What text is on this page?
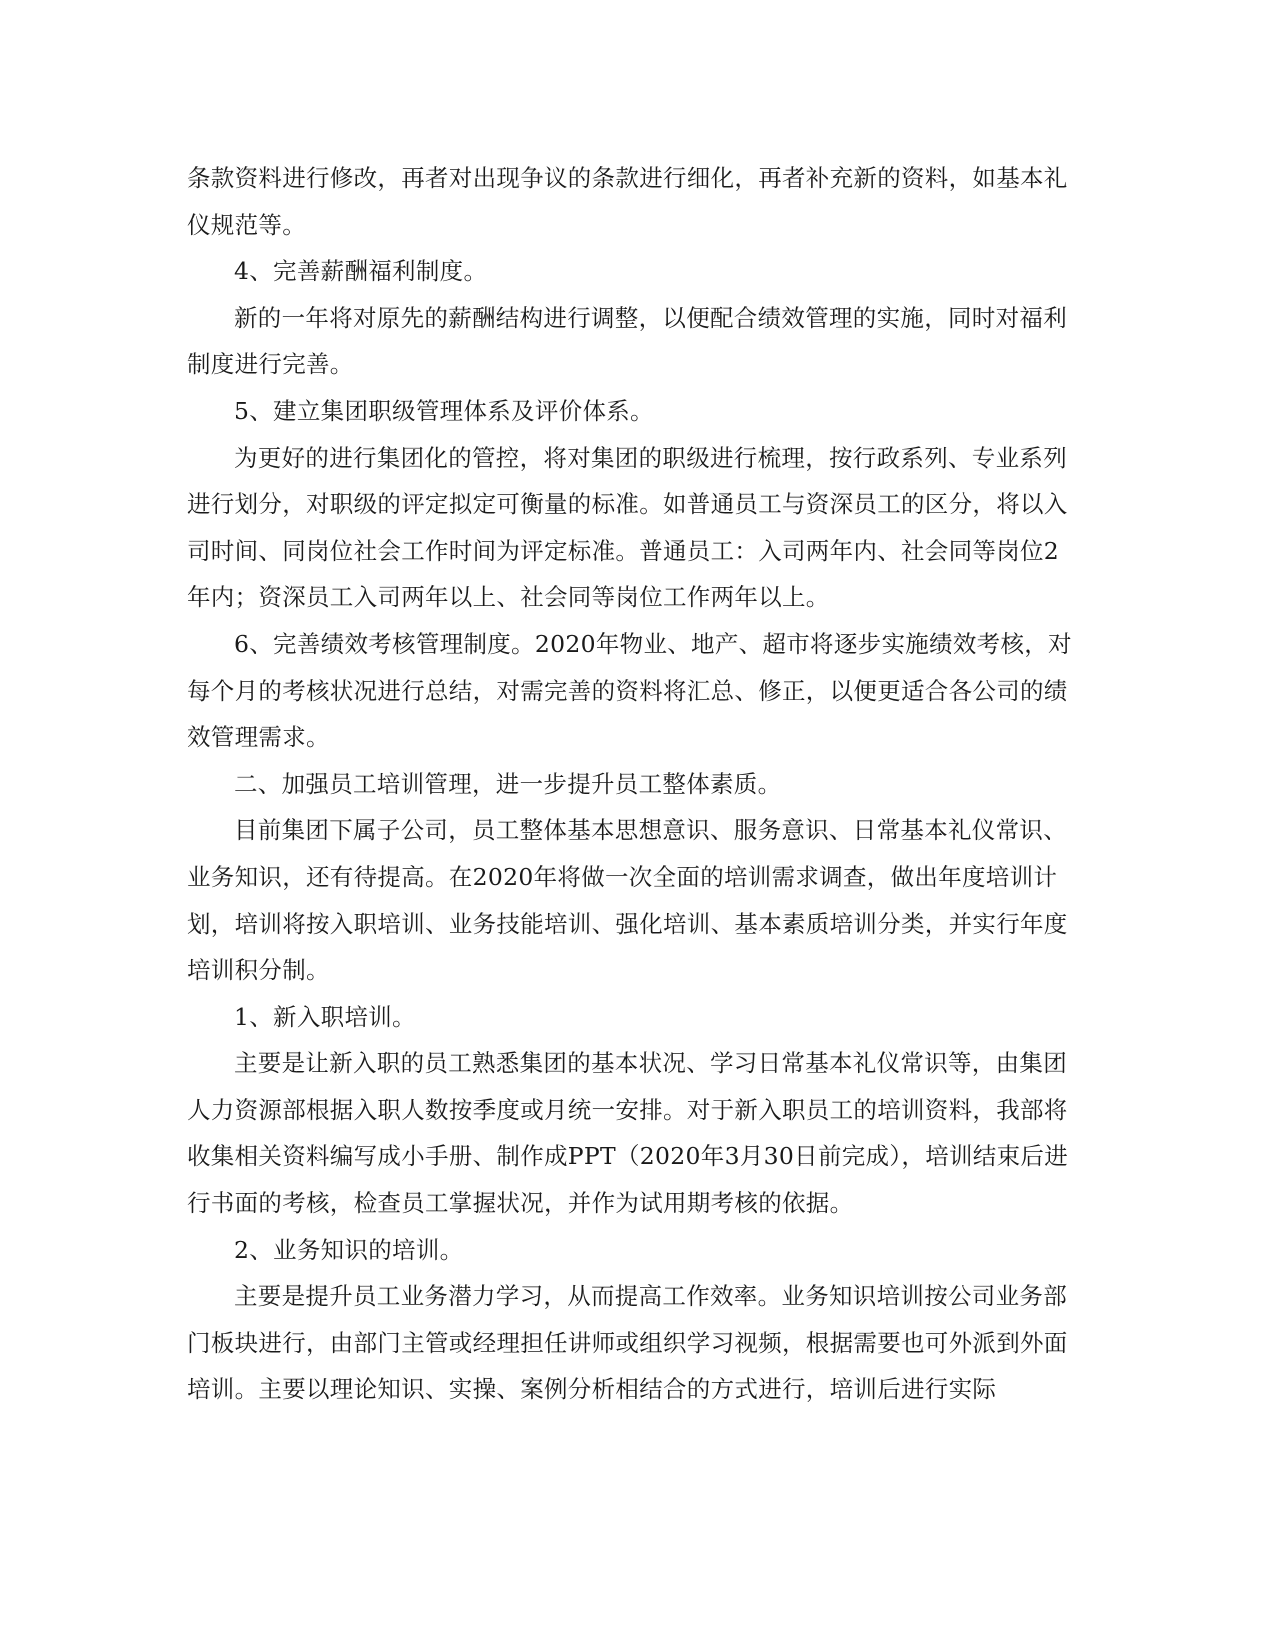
条款资料进行修改，再者对出现争议的条款进行细化，再者补充新的资料，如基本礼仪规范等。

4、完善薪酬福利制度。

新的一年将对原先的薪酬结构进行调整，以便配合绩效管理的实施，同时对福利制度进行完善。

5、建立集团职级管理体系及评价体系。

为更好的进行集团化的管控，将对集团的职级进行梳理，按行政系列、专业系列进行划分，对职级的评定拟定可衡量的标准。如普通员工与资深员工的区分，将以入司时间、同岗位社会工作时间为评定标准。普通员工：入司两年内、社会同等岗位2年内；资深员工入司两年以上、社会同等岗位工作两年以上。

6、完善绩效考核管理制度。2020年物业、地产、超市将逐步实施绩效考核，对每个月的考核状况进行总结，对需完善的资料将汇总、修正，以便更适合各公司的绩效管理需求。

二、加强员工培训管理，进一步提升员工整体素质。

目前集团下属子公司，员工整体基本思想意识、服务意识、日常基本礼仪常识、业务知识，还有待提高。在2020年将做一次全面的培训需求调查，做出年度培训计划，培训将按入职培训、业务技能培训、强化培训、基本素质培训分类，并实行年度培训积分制。

1、新入职培训。

主要是让新入职的员工熟悉集团的基本状况、学习日常基本礼仪常识等，由集团人力资源部根据入职人数按季度或月统一安排。对于新入职员工的培训资料，我部将收集相关资料编写成小手册、制作成PPT（2020年3月30日前完成），培训结束后进行书面的考核，检查员工掌握状况，并作为试用期考核的依据。

2、业务知识的培训。

主要是提升员工业务潜力学习，从而提高工作效率。业务知识培训按公司业务部门板块进行，由部门主管或经理担任讲师或组织学习视频，根据需要也可外派到外面培训。主要以理论知识、实操、案例分析相结合的方式进行，培训后进行实际
